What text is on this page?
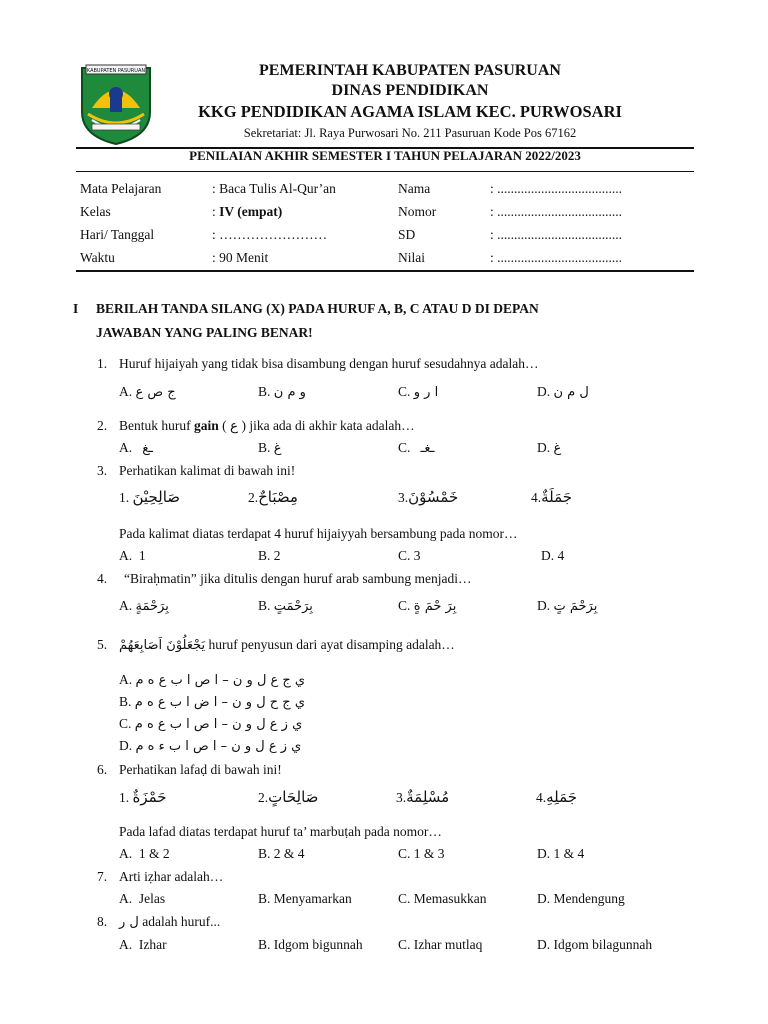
KABUPATEN PASURUAN	PEMERINTAH KABUPATEN PASURUAN
DINAS PENDIDIKAN
KKG PENDIDIKAN AGAMA ISLAM KEC. PURWOSARI
Sekretariat: Jl. Raya Purwosari No. 211 Pasuruan Kode Pos 67162
PENILAIAN AKHIR SEMESTER I TAHUN PELAJARAN 2022/2023
Mata Pelajaran	: Baca Tulis Al-Qur’an	Nama	: .....................................
Kelas	: IV (empat)	Nomor	: .....................................
Hari/ Tanggal	: ……………………	SD	: .....................................
Waktu	: 90 Menit	Nilai	: .....................................
I BERILAH TANDA SILANG (X) PADA HURUF A, B, C ATAU D DI DEPAN
JAWABAN YANG PALING BENAR!
1. Huruf hijaiyah yang tidak bisa disambung dengan huruf sesudahnya adalah…
A. ج ص ع	B. و م ن	C. ا ر و	D. ل م ن
2. Bentuk huruf gain ( ع‎ ) jika ada di akhir kata adalah…
A. ـغ	B. غ	C. ـغـ	D. غ
3. Perhatikan kalimat di bawah ini!
1. صَالِحِيْنَ	مِصْبَاحٌ.2	خَمْسُوْنَ.3	جَمَلَةٌ.4
Pada kalimat diatas terdapat 4 huruf hijaiyyah bersambung pada nomor…
A. 1	B. 2	C. 3	D. 4
4. “Biraḥmatin” jika ditulis dengan huruf arab sambung menjadi…
A. بِرَحْمَةٍ	B. بِرَحْمَتٍ	C. بِرَ حْمَ ةٍ	D. بِرَحْمَ تٍ
5. يَجْعَلُوْنَ اَصَابِعَهُمْ huruf penyusun dari ayat disamping adalah…
A. ي ج ع ل و ن – ا ص ا ب ع ه م
B. ي ج ح ل و ن – ا ض ا ب ع ه م
C. ي ز ع ل و ن – ا ص ا ب ع ه م
D. ي ز ع ل و ن – ا ص ا ب ء ه م
6. Perhatikan lafaḍ di bawah ini!
1. حَمْزَةٌ	صَالِحَاتٍ.2	مُسْلِمَةٌ.3	جَمَلِهِ.4
Pada lafad diatas terdapat huruf ta’ marbuṭah pada nomor…
A. 1 & 2	B. 2 & 4	C. 1 & 3	D. 1 & 4
7. Arti iẓhar adalah…
A. Jelas	B. Menyamarkan	C. Memasukkan	D. Mendengung
8. ل ر adalah huruf...
A. Izhar	B. Idgom bigunnah	C. Izhar mutlaq	D. Idgom bilagunnah
